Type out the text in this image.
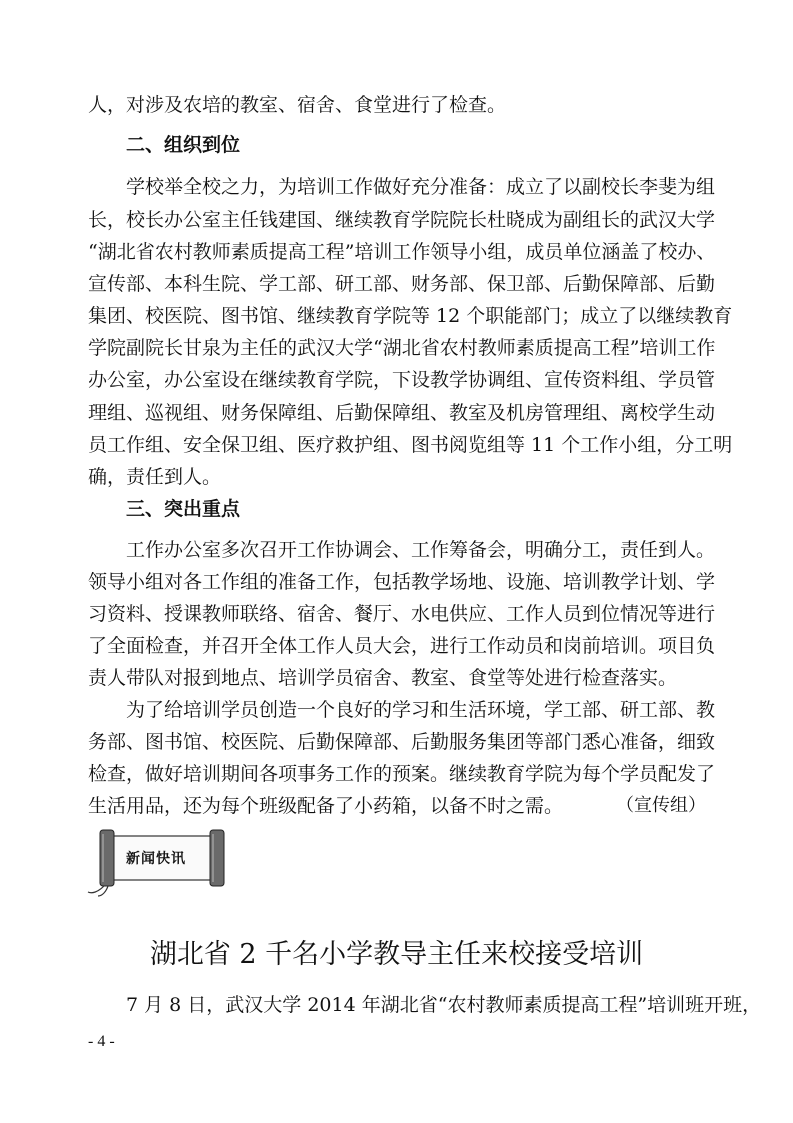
人，对涉及农培的教室、宿舍、食堂进行了检查。
二、组织到位
学校举全校之力，为培训工作做好充分准备：成立了以副校长李斐为组
长，校长办公室主任钱建国、继续教育学院院长杜晓成为副组长的武汉大学
“湖北省农村教师素质提高工程”培训工作领导小组，成员单位涵盖了校办、
宣传部、本科生院、学工部、研工部、财务部、保卫部、后勤保障部、后勤
集团、校医院、图书馆、继续教育学院等 12 个职能部门；成立了以继续教育
学院副院长甘泉为主任的武汉大学“湖北省农村教师素质提高工程”培训工作
办公室，办公室设在继续教育学院，下设教学协调组、宣传资料组、学员管
理组、巡视组、财务保障组、后勤保障组、教室及机房管理组、离校学生动
员工作组、安全保卫组、医疗救护组、图书阅览组等 11 个工作小组，分工明
确，责任到人。
三、突出重点
工作办公室多次召开工作协调会、工作筹备会，明确分工，责任到人。
领导小组对各工作组的准备工作，包括教学场地、设施、培训教学计划、学
习资料、授课教师联络、宿舍、餐厅、水电供应、工作人员到位情况等进行
了全面检查，并召开全体工作人员大会，进行工作动员和岗前培训。项目负
责人带队对报到地点、培训学员宿舍、教室、食堂等处进行检查落实。
为了给培训学员创造一个良好的学习和生活环境，学工部、研工部、教
务部、图书馆、校医院、后勤保障部、后勤服务集团等部门悉心准备，细致
检查，做好培训期间各项事务工作的预案。继续教育学院为每个学员配发了
生活用品，还为每个班级配备了小药箱，以备不时之需。	（宣传组）
新闻快讯
湖北省 2 千名小学教导主任来校接受培训
7 月 8 日，武汉大学 2014 年湖北省“农村教师素质提高工程”培训班开班，
- 4 -
